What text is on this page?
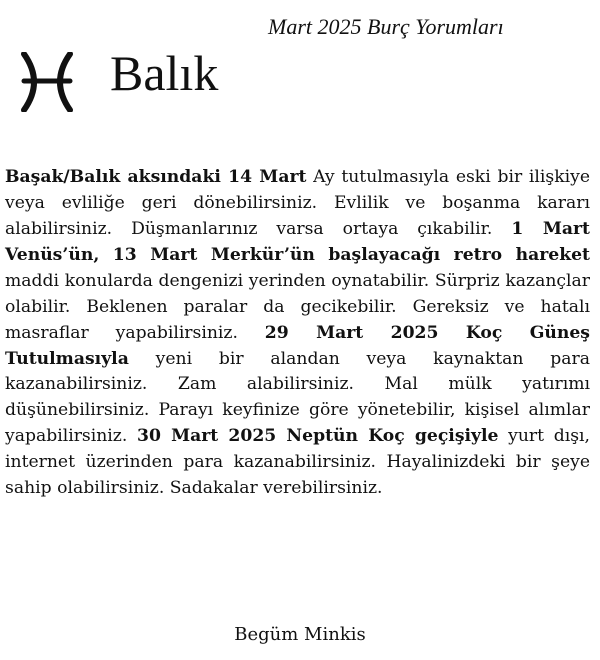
Mart 2025 Burç Yorumları
Balık

Başak/Balık aksındaki 14 Mart Ay tutulmasıyla eski bir ilişkiye veya evliliğe geri dönebilirsiniz. Evlilik ve boşanma kararı alabilirsiniz. Düşmanlarınız varsa ortaya çıkabilir. 1 Mart Venüs’ün, 13 Mart Merkür’ün başlayacağı retro hareket maddi konularda dengenizi yerinden oynatabilir. Sürpriz kazançlar olabilir. Beklenen paralar da gecikebilir. Gereksiz ve hatalı masraflar yapabilirsiniz. 29 Mart 2025 Koç Güneş Tutulmasıyla yeni bir alandan veya kaynaktan para kazanabilirsiniz. Zam alabilirsiniz. Mal mülk yatırımı düşünebilirsiniz. Parayı keyfinize göre yönetebilir, kişisel alımlar yapabilirsiniz. 30 Mart 2025 Neptün Koç geçişiyle yurt dışı, internet üzerinden para kazanabilirsiniz. Hayalinizdeki bir şeye sahip olabilirsiniz. Sadakalar verebilirsiniz.

Begüm Minkis
